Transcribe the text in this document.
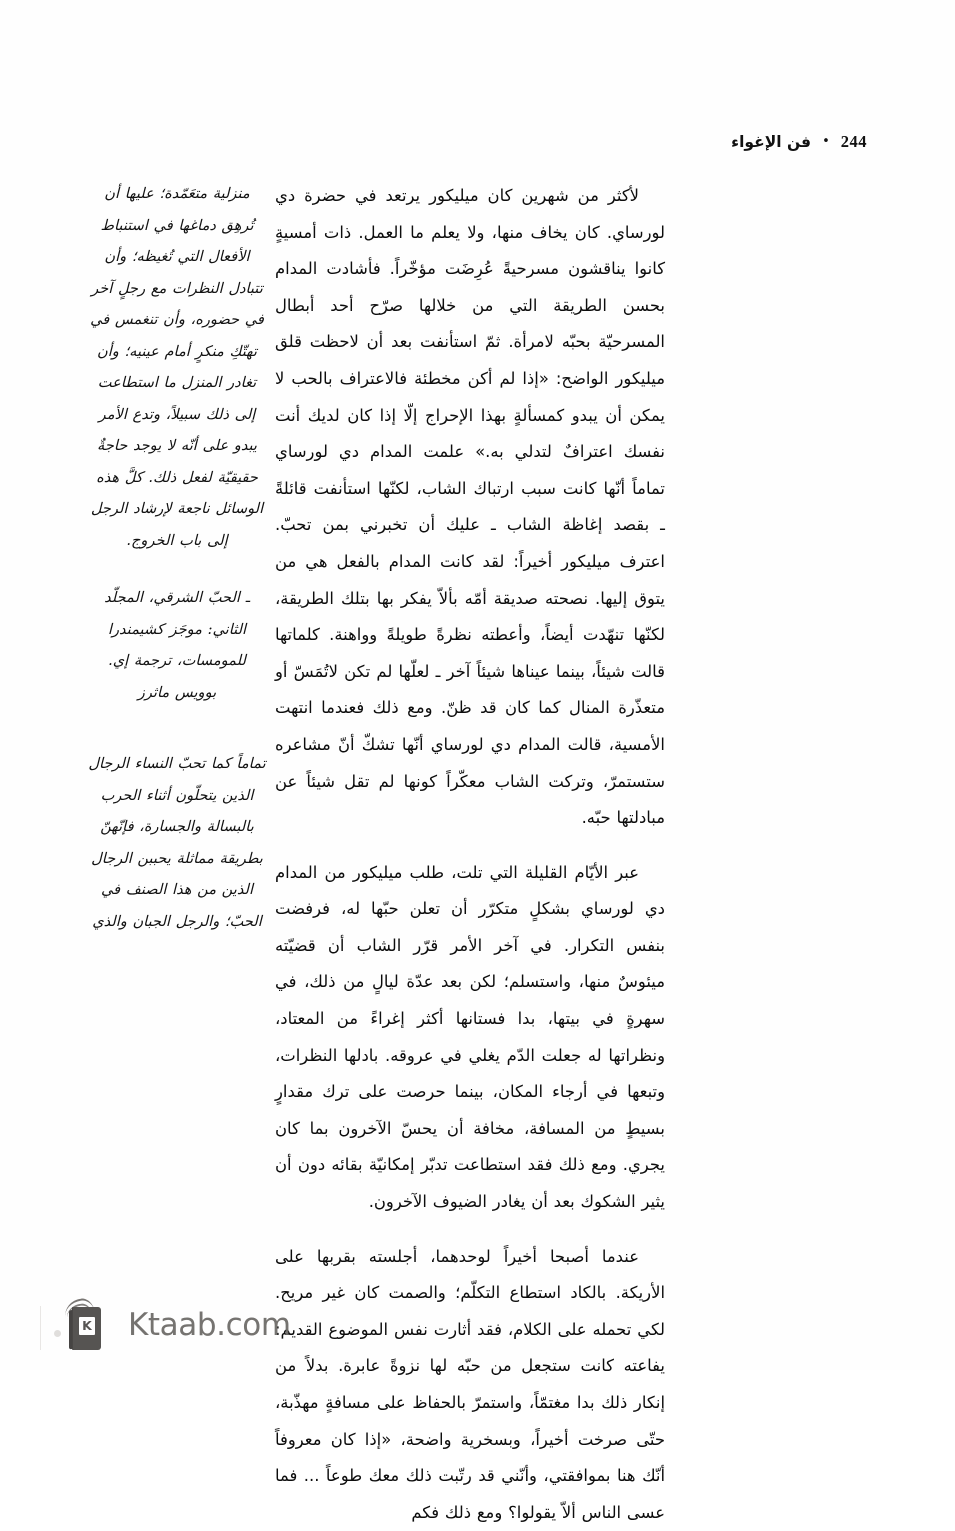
244
•
فن الإغواء

لأكثر من شهرين كان ميليكور يرتعد في حضرة دي لورساي. كان يخاف منها، ولا يعلم ما العمل. ذات أمسيةٍ كانوا يناقشون مسرحيةً عُرِضَت مؤخّراً. فأشادت المدام بحسن الطريقة التي من خلالها صرّح أحد أبطال المسرحيّة بحبّه لامرأة. ثمّ استأنفت بعد أن لاحظت قلق ميليكور الواضح: «إذا لم أكن مخطئة فالاعتراف بالحب لا يمكن أن يبدو كمسألةٍ بهذا الإحراج إلّا إذا كان لديك أنت نفسك اعترافٌ لتدلي به.» علمت المدام دي لورساي تماماً أنّها كانت سبب ارتباك الشاب، لكنّها استأنفت قائلةً ـ بقصد إغاظة الشاب ـ عليك أن تخبرني بمن تحبّ. اعترف ميليكور أخيراً: لقد كانت المدام بالفعل هي من يتوق إليها. نصحته صديقة أمّه بألاّ يفكر بها بتلك الطريقة، لكنّها تنهّدت أيضاً، وأعطته نظرةً طويلةً وواهنة. كلماتها قالت شيئاً، بينما عيناها شيئاً آخر ـ لعلّها لم تكن لاتُمَسّ أو متعذّرة المنال كما كان قد ظنّ. ومع ذلك فعندما انتهت الأمسية، قالت المدام دي لورساي أنّها تشكّ أنّ مشاعره ستستمرّ، وتركت الشاب معكّراً كونها لم تقل شيئاً عن مبادلتها حبّه.

عبر الأيّام القليلة التي تلت، طلب ميليكور من المدام دي لورساي بشكلٍ متكرّر أن تعلن حبّها له، فرفضت بنفس التكرار. في آخر الأمر قرّر الشاب أن قضيّته ميئوسٌ منها، واستسلم؛ لكن بعد عدّة ليالٍ من ذلك، في سهرةٍ في بيتها، بدا فستانها أكثر إغراءً من المعتاد، ونظراتها له جعلت الدّم يغلي في عروقه. بادلها النظرات، وتبعها في أرجاء المكان، بينما حرصت على ترك مقدارٍ بسيطٍ من المسافة، مخافة أن يحسّ الآخرون بما كان يجري. ومع ذلك فقد استطاعت تدبّر إمكانيّة بقائه دون أن يثير الشكوك بعد أن يغادر الضيوف الآخرون.

عندما أصبحا أخيراً لوحدهما، أجلسته بقربها على الأريكة. بالكاد استطاع التكلّم؛ والصمت كان غير مريح. لكي تحمله على الكلام، فقد أثارت نفس الموضوع القديم: يفاعته كانت ستجعل من حبّه لها نزوةً عابرة. بدلاً من إنكار ذلك بدا مغتمّاً، واستمرّ بالحفاظ على مسافةٍ مهذّبة، حتّى صرخت أخيراً، وبسخرية واضحة، «إذا كان معروفاً أنّك هنا بموافقتي، وأنّني قد رتّبت ذلك معك طوعاً ... فما عسى الناس ألاّ يقولوا؟ ومع ذلك فكم

منزلية متعَمّدة؛ عليها أن تُرهِق دماغها في استنباط الأفعال التي تُغيظه؛ وأن تتبادل النظرات مع رجلٍ آخر في حضوره، وأن تنغمس في تهتّكِ منكرٍ أمام عينيه؛ وأن تغادر المنزل ما استطاعت إلى ذلك سبيلاً، وتدع الأمر يبدو على أنّه لا يوجد حاجةٌ حقيقيّة لفعل ذلك. كلَّ هذه الوسائل ناجعة لإرشاد الرجل إلى باب الخروج.

ـ الحبّ الشرقي، المجلّد الثاني: موجَز كشيمندرا للمومسات، ترجمة إي. بوويس ماثرز

تماماً كما تحبّ النساء الرجال الذين يتحلّون أثناء الحرب بالبسالة والجسارة، فإنّهنّ بطريقة مماثلة يحببن الرجال الذين من هذا الصنف في الحبّ؛ والرجل الجبان والذي

K Ktaab.com
